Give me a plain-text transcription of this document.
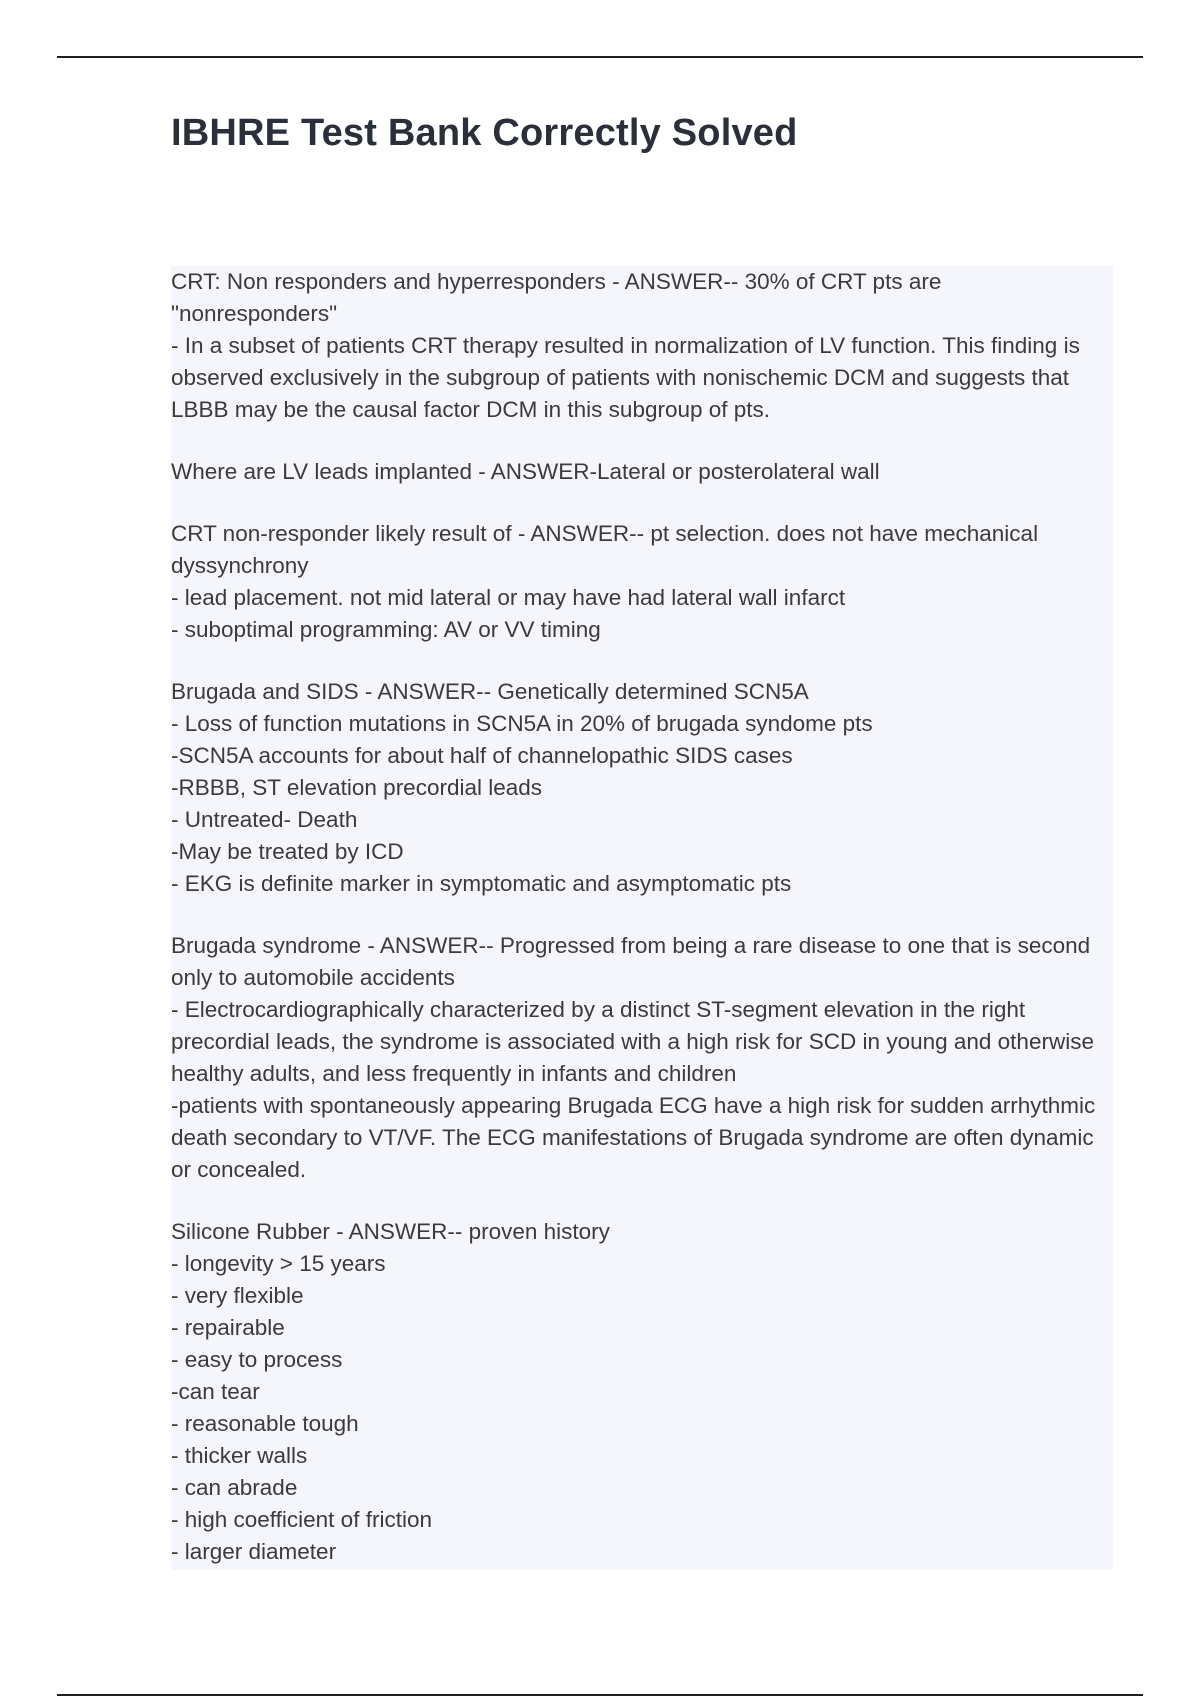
IBHRE Test Bank Correctly Solved
CRT: Non responders and hyperresponders - ANSWER-- 30% of CRT pts are "nonresponders"
- In a subset of patients CRT therapy resulted in normalization of LV function. This finding is observed exclusively in the subgroup of patients with nonischemic DCM and suggests that LBBB may be the causal factor DCM in this subgroup of pts.
Where are LV leads implanted - ANSWER-Lateral or posterolateral wall
CRT non-responder likely result of - ANSWER-- pt selection. does not have mechanical dyssynchrony
- lead placement. not mid lateral or may have had lateral wall infarct
- suboptimal programming: AV or VV timing
Brugada and SIDS - ANSWER-- Genetically determined SCN5A
- Loss of function mutations in SCN5A in 20% of brugada syndome pts
-SCN5A accounts for about half of channelopathic SIDS cases
-RBBB, ST elevation precordial leads
- Untreated- Death
-May be treated by ICD
- EKG is definite marker in symptomatic and asymptomatic pts
Brugada syndrome - ANSWER-- Progressed from being a rare disease to one that is second only to automobile accidents
- Electrocardiographically characterized by a distinct ST-segment elevation in the right precordial leads, the syndrome is associated with a high risk for SCD in young and otherwise healthy adults, and less frequently in infants and children
-patients with spontaneously appearing Brugada ECG have a high risk for sudden arrhythmic death secondary to VT/VF. The ECG manifestations of Brugada syndrome are often dynamic or concealed.
Silicone Rubber - ANSWER-- proven history
- longevity > 15 years
- very flexible
- repairable
- easy to process
-can tear
- reasonable tough
- thicker walls
- can abrade
- high coefficient of friction
- larger diameter
